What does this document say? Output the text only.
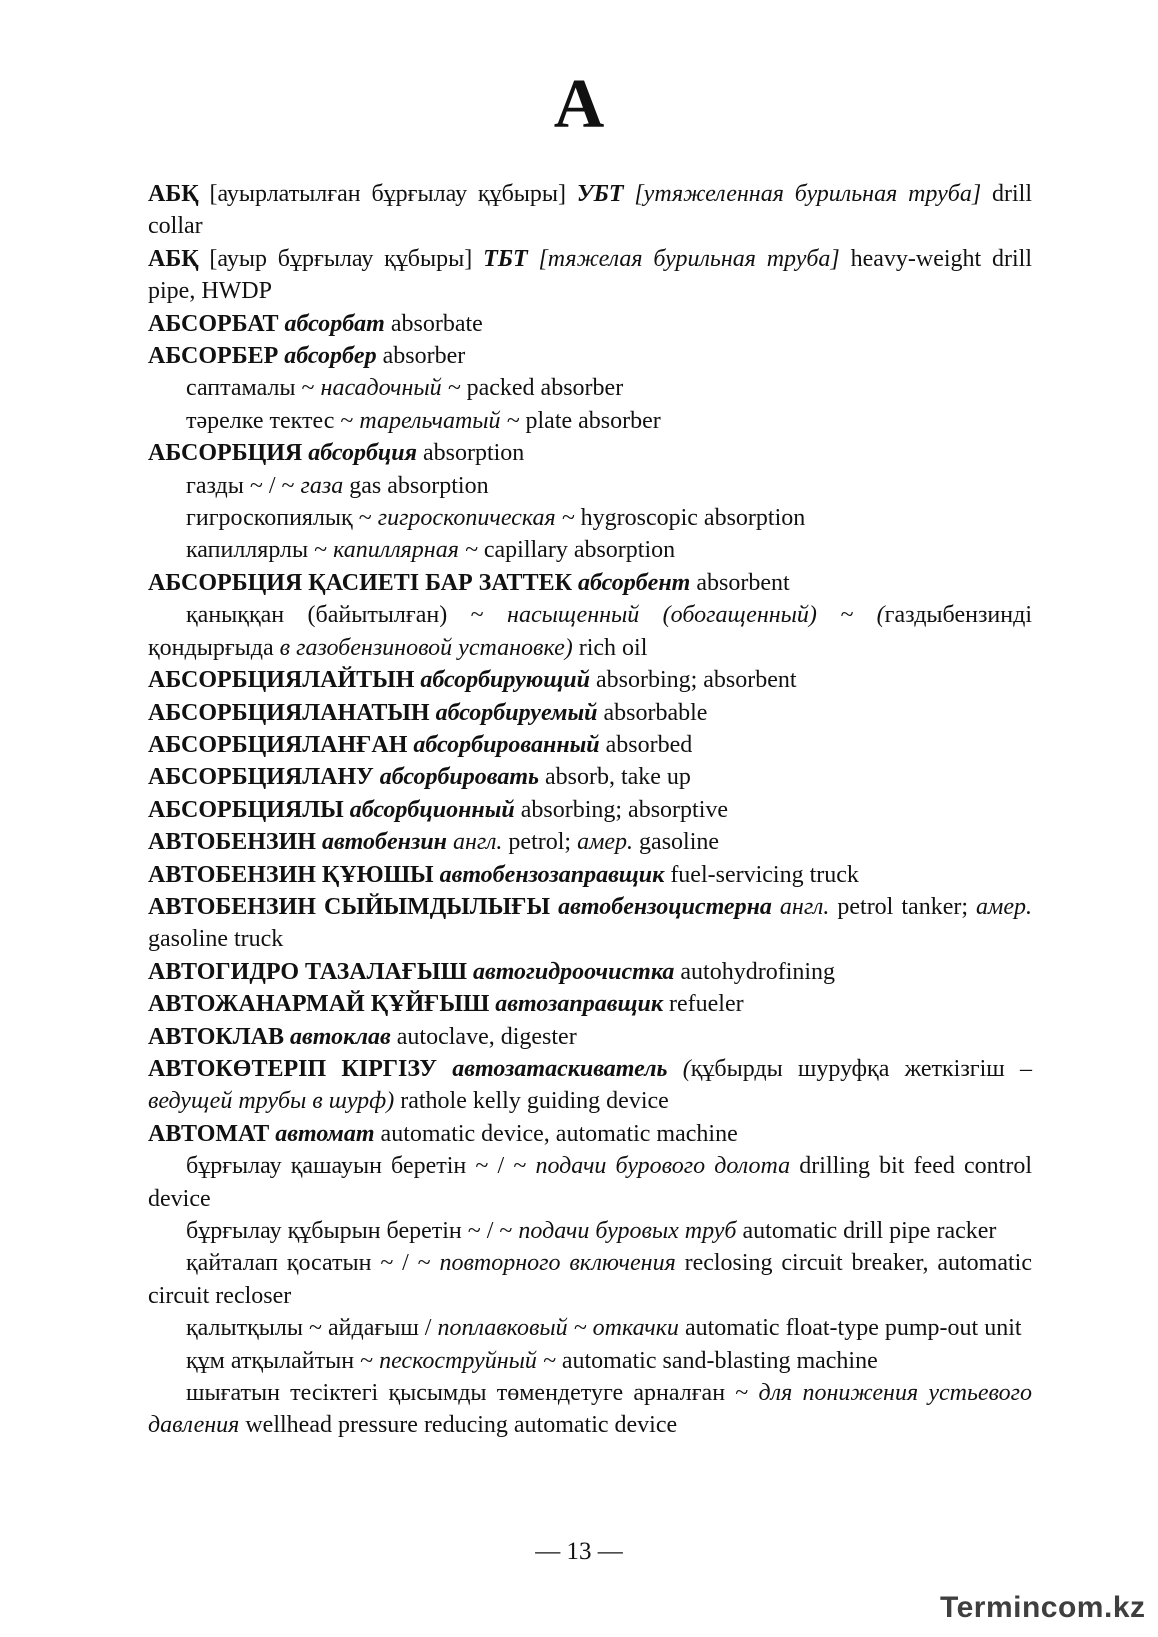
А

АБҚ [ауырлатылған бұрғылау құбыры] УБТ [утяжеленная бурильная труба] drill collar

АБҚ [ауыр бұрғылау құбыры] ТБТ [тяжелая бурильная труба] heavy-weight drill pipe, HWDP

АБСОРБАТ абсорбат absorbate

АБСОРБЕР абсорбер absorber

саптамалы ~ насадочный ~ packed absorber

тәрелке тектес ~ тарельчатый ~ plate absorber

АБСОРБЦИЯ абсорбция absorption

газды ~ / ~ газа gas absorption

гигроскопиялық ~ гигроскопическая ~ hygroscopic absorption

капиллярлы ~ капиллярная ~ capillary absorption

АБСОРБЦИЯ ҚАСИЕТІ БАР ЗАТТЕК абсорбент absorbent

қаныққан (байытылған) ~ насыщенный (обогащенный) ~ (газдыбензинді қондырғыда в газобензиновой установке) rich oil

АБСОРБЦИЯЛАЙТЫН абсорбирующий absorbing; absorbent

АБСОРБЦИЯЛАНАТЫН абсорбируемый absorbable

АБСОРБЦИЯЛАНҒАН абсорбированный absorbed

АБСОРБЦИЯЛАНУ абсорбировать absorb, take up

АБСОРБЦИЯЛЫ абсорбционный absorbing; absorptive

АВТОБЕНЗИН автобензин англ. petrol; амер. gasoline

АВТОБЕНЗИН ҚҰЮШЫ автобензозаправщик fuel-servicing truck

АВТОБЕНЗИН СЫЙЫМДЫЛЫҒЫ автобензоцистерна англ. petrol tanker; амер. gasoline truck

АВТОГИДРО ТАЗАЛАҒЫШ автогидроочистка autohydrofining

АВТОЖАНАРМАЙ ҚҰЙҒЫШ автозаправщик refueler

АВТОКЛАВ автоклав autoclave, digester

АВТОКӨТЕРІП КІРГІЗУ автозатаскиватель (құбырды шуруфқа жеткізгіш – ведущей трубы в шурф) rathole kelly guiding device

АВТОМАТ автомат automatic device, automatic machine

бұрғылау қашауын беретін ~ / ~ подачи бурового долота drilling bit feed control device

бұрғылау құбырын беретін ~ / ~ подачи буровых труб automatic drill pipe racker

қайталап қосатын ~ / ~ повторного включения reclosing circuit breaker, automatic circuit recloser

қалытқылы ~ айдағыш / поплавковый ~ откачки automatic float-type pump-out unit

құм атқылайтын ~ пескоструйный ~ automatic sand-blasting machine

шығатын тесіктегі қысымды төмендетуге арналған ~ для понижения устьевого давления wellhead pressure reducing automatic device

— 13 —
Termincom.kz
